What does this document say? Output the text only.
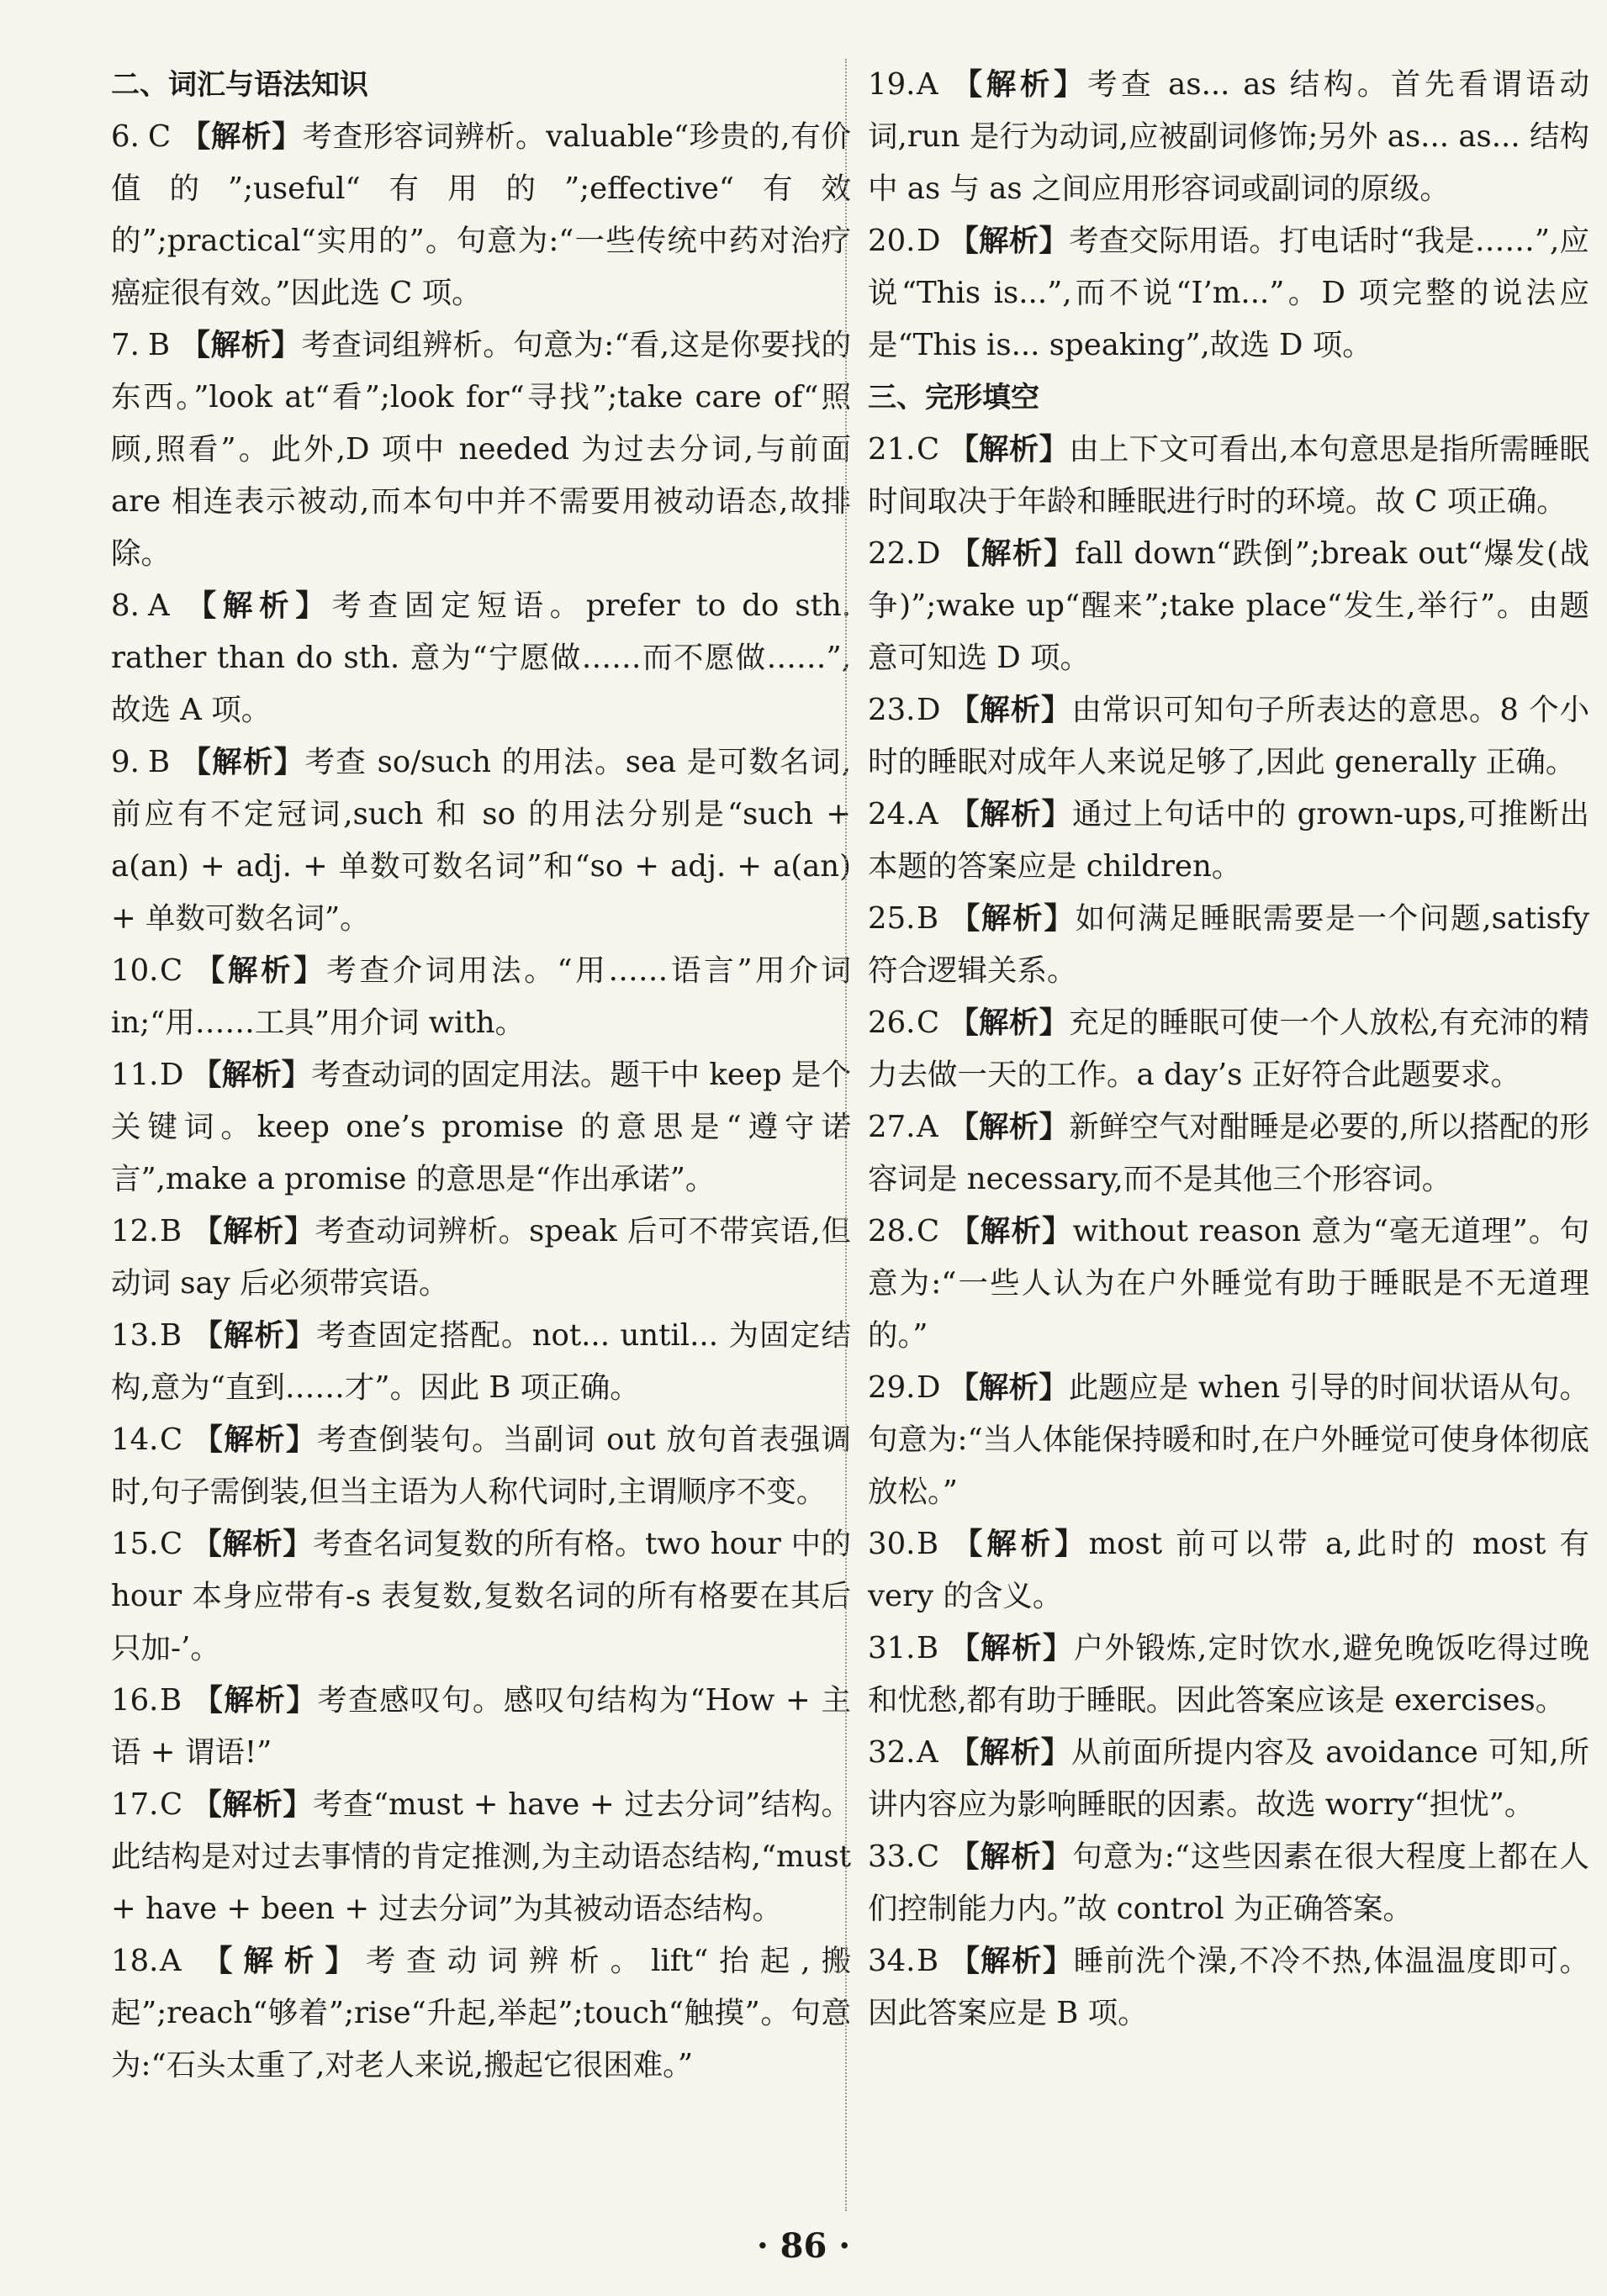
二、词汇与语法知识
6. C 【解析】考查形容词辨析。valuable“珍贵的,有价值的”;useful“有用的”;effective“有效的”;practical“实用的”。句意为:“一些传统中药对治疗癌症很有效。”因此选 C 项。
7. B 【解析】考查词组辨析。句意为:“看,这是你要找的东西。”look at“看”;look for“寻找”;take care of“照顾,照看”。此外,D 项中 needed 为过去分词,与前面 are 相连表示被动,而本句中并不需要用被动语态,故排除。
8. A 【解析】考查固定短语。prefer to do sth. rather than do sth. 意为“宁愿做……而不愿做……”,故选 A 项。
9. B 【解析】考查 so/such 的用法。sea 是可数名词,前应有不定冠词,such 和 so 的用法分别是“such + a(an) + adj. + 单数可数名词”和“so + adj. + a(an) + 单数可数名词”。
10.C 【解析】考查介词用法。“用……语言”用介词 in;“用……工具”用介词 with。
11.D 【解析】考查动词的固定用法。题干中 keep 是个关键词。keep one’s promise 的意思是“遵守诺言”,make a promise 的意思是“作出承诺”。
12.B 【解析】考查动词辨析。speak 后可不带宾语,但动词 say 后必须带宾语。
13.B 【解析】考查固定搭配。not... until... 为固定结构,意为“直到……才”。因此 B 项正确。
14.C 【解析】考查倒装句。当副词 out 放句首表强调时,句子需倒装,但当主语为人称代词时,主谓顺序不变。
15.C 【解析】考查名词复数的所有格。two hour 中的 hour 本身应带有-s 表复数,复数名词的所有格要在其后只加-’。
16.B 【解析】考查感叹句。感叹句结构为“How + 主语 + 谓语!”
17.C 【解析】考查“must + have + 过去分词”结构。此结构是对过去事情的肯定推测,为主动语态结构,“must + have + been + 过去分词”为其被动语态结构。
18.A 【解析】考查动词辨析。lift“抬起,搬起”;reach“够着”;rise“升起,举起”;touch“触摸”。句意为:“石头太重了,对老人来说,搬起它很困难。”
19.A 【解析】考查 as... as 结构。首先看谓语动词,run 是行为动词,应被副词修饰;另外 as... as... 结构中 as 与 as 之间应用形容词或副词的原级。
20.D 【解析】考查交际用语。打电话时“我是……”,应说“This is...”,而不说“I’m...”。D 项完整的说法应是“This is... speaking”,故选 D 项。
三、完形填空
21.C 【解析】由上下文可看出,本句意思是指所需睡眠时间取决于年龄和睡眠进行时的环境。故 C 项正确。
22.D 【解析】fall down“跌倒”;break out“爆发(战争)”;wake up“醒来”;take place“发生,举行”。由题意可知选 D 项。
23.D 【解析】由常识可知句子所表达的意思。8 个小时的睡眠对成年人来说足够了,因此 generally 正确。
24.A 【解析】通过上句话中的 grown-ups,可推断出本题的答案应是 children。
25.B 【解析】如何满足睡眠需要是一个问题,satisfy 符合逻辑关系。
26.C 【解析】充足的睡眠可使一个人放松,有充沛的精力去做一天的工作。a day’s 正好符合此题要求。
27.A 【解析】新鲜空气对酣睡是必要的,所以搭配的形容词是 necessary,而不是其他三个形容词。
28.C 【解析】without reason 意为“毫无道理”。句意为:“一些人认为在户外睡觉有助于睡眠是不无道理的。”
29.D 【解析】此题应是 when 引导的时间状语从句。句意为:“当人体能保持暖和时,在户外睡觉可使身体彻底放松。”
30.B 【解析】most 前可以带 a,此时的 most 有 very 的含义。
31.B 【解析】户外锻炼,定时饮水,避免晚饭吃得过晚和忧愁,都有助于睡眠。因此答案应该是 exercises。
32.A 【解析】从前面所提内容及 avoidance 可知,所讲内容应为影响睡眠的因素。故选 worry“担忧”。
33.C 【解析】句意为:“这些因素在很大程度上都在人们控制能力内。”故 control 为正确答案。
34.B 【解析】睡前洗个澡,不冷不热,体温温度即可。因此答案应是 B 项。
· 86 ·
